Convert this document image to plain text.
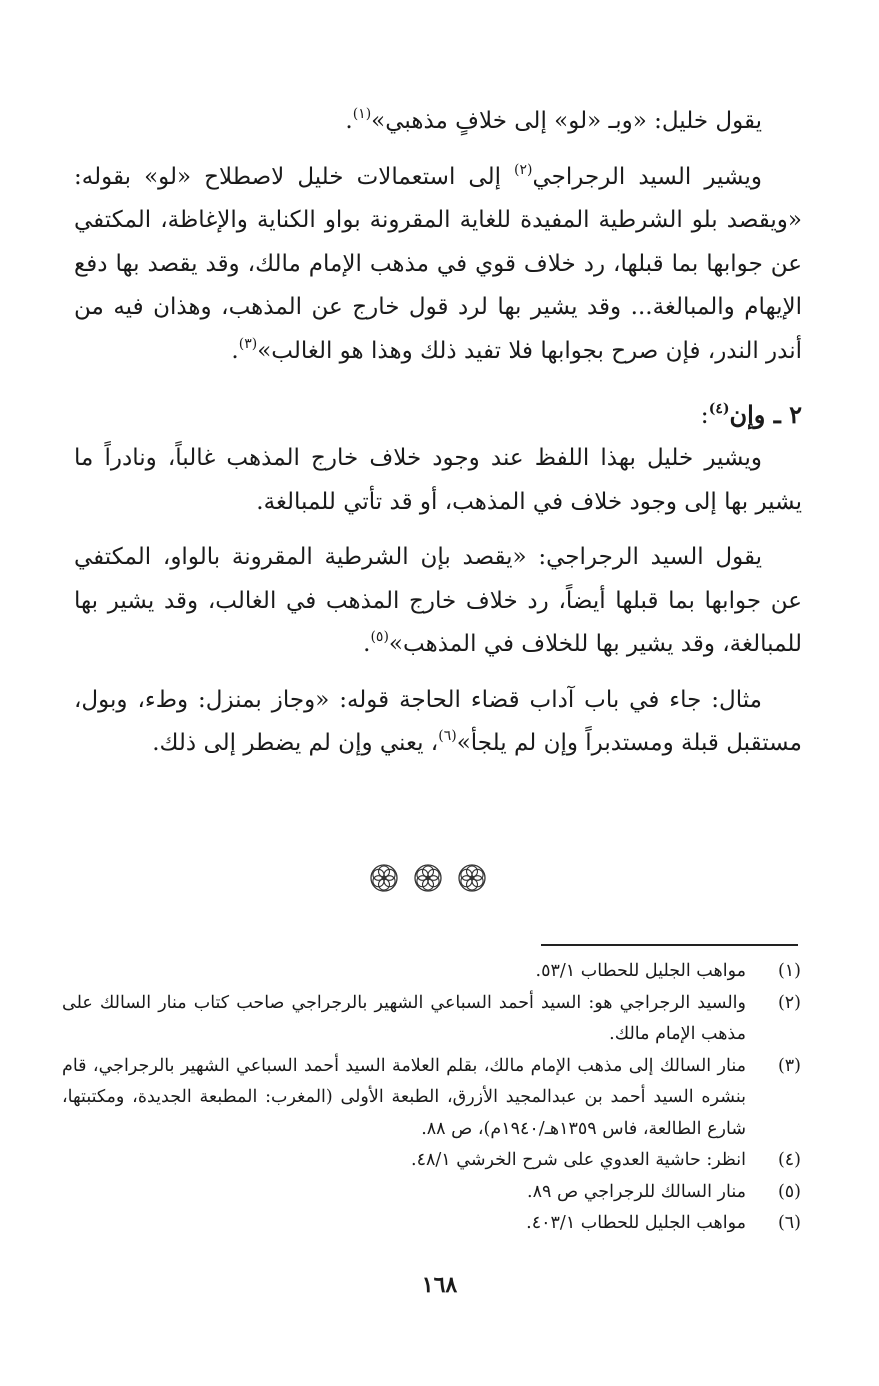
يقول خليل: «وبـ «لو» إلى خلافٍ مذهبي»$^{(١)}$.

ويشير السيد الرجراجي$^{(٢)}$ إلى استعمالات خليل لاصطلاح «لو» بقوله: «ويقصد بلو الشرطية المفيدة للغاية المقرونة بواو الكناية والإغاظة، المكتفي عن جوابها بما قبلها، رد خلاف قوي في مذهب الإمام مالك، وقد يقصد بها دفع الإيهام والمبالغة... وقد يشير بها لرد قول خارج عن المذهب، وهذان فيه من أندر الندر، فإن صرح بجوابها فلا تفيد ذلك وهذا هو الغالب»$^{(٣)}$.

٢ ـ وإن$^{(٤)}$:

ويشير خليل بهذا اللفظ عند وجود خلاف خارج المذهب غالباً، ونادراً ما يشير بها إلى وجود خلاف في المذهب، أو قد تأتي للمبالغة.

يقول السيد الرجراجي: «يقصد بإن الشرطية المقرونة بالواو، المكتفي عن جوابها بما قبلها أيضاً، رد خلاف خارج المذهب في الغالب، وقد يشير بها للمبالغة، وقد يشير بها للخلاف في المذهب»$^{(٥)}$.

مثال: جاء في باب آداب قضاء الحاجة قوله: «وجاز بمنزل: وطء، وبول، مستقبل قبلة ومستدبراً وإن لم يلجأ»$^{(٦)}$، يعني وإن لم يضطر إلى ذلك.

(١)
مواهب الجليل للحطاب ٥٣/١.
(٢)
والسيد الرجراجي هو: السيد أحمد السباعي الشهير بالرجراجي صاحب كتاب منار السالك على مذهب الإمام مالك.
(٣)
منار السالك إلى مذهب الإمام مالك، بقلم العلامة السيد أحمد السباعي الشهير بالرجراجي، قام بنشره السيد أحمد بن عبدالمجيد الأزرق، الطبعة الأولى (المغرب: المطبعة الجديدة، ومكتبتها، شارع الطالعة، فاس ١٣٥٩هـ/١٩٤٠م)، ص ٨٨.
(٤)
انظر: حاشية العدوي على شرح الخرشي ٤٨/١.
(٥)
منار السالك للرجراجي ص ٨٩.
(٦)
مواهب الجليل للحطاب ٤٠٣/١.
١٦٨
